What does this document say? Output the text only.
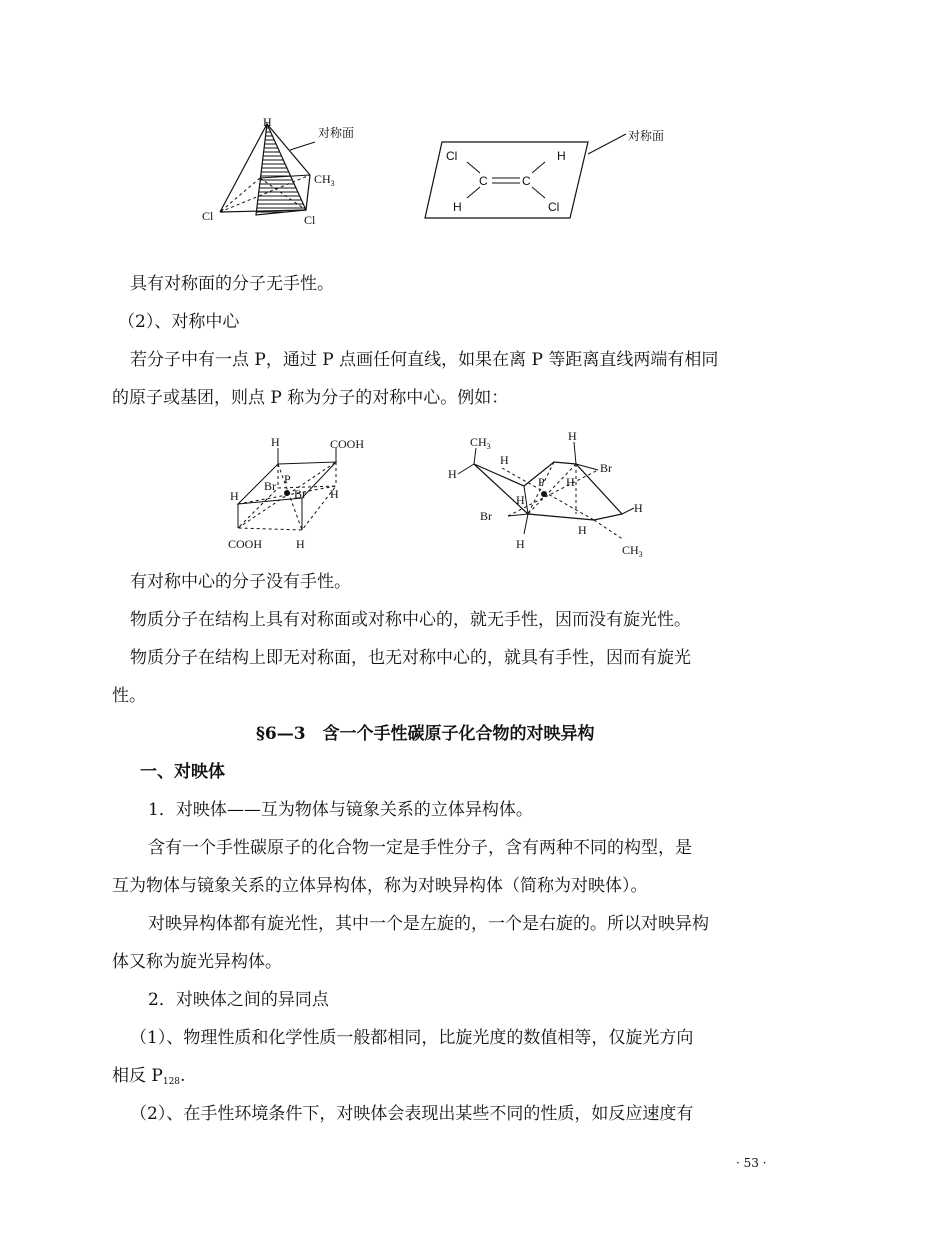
H
$CH_3$
Cl	Cl
对称面
Cl	H
C	C
H	Cl
对称面
具有对称面的分子无手性。
（2）、对称中心
若分子中有一点 P，通过 P 点画任何直线，如果在离 P 等距离直线两端有相同
的原子或基团，则点 P 称为分子的对称中心。例如：
H	COOH
Br P
Br
H	H
COOH	H
$CH_3$
H
Br
H
H
P H
H
H
Br
H
H	$CH_3$
有对称中心的分子没有手性。
物质分子在结构上具有对称面或对称中心的，就无手性，因而没有旋光性。
物质分子在结构上即无对称面，也无对称中心的，就具有手性，因而有旋光
性。
§6—3　含一个手性碳原子化合物的对映异构
一、对映体
1．对映体——互为物体与镜象关系的立体异构体。
含有一个手性碳原子的化合物一定是手性分子，含有两种不同的构型，是
互为物体与镜象关系的立体异构体，称为对映异构体（简称为对映体）。
对映异构体都有旋光性，其中一个是左旋的，一个是右旋的。所以对映异构
体又称为旋光异构体。
2．对映体之间的异同点
（1）、物理性质和化学性质一般都相同，比旋光度的数值相等，仅旋光方向
相反 P128.
（2）、在手性环境条件下，对映体会表现出某些不同的性质，如反应速度有
· 53 ·
